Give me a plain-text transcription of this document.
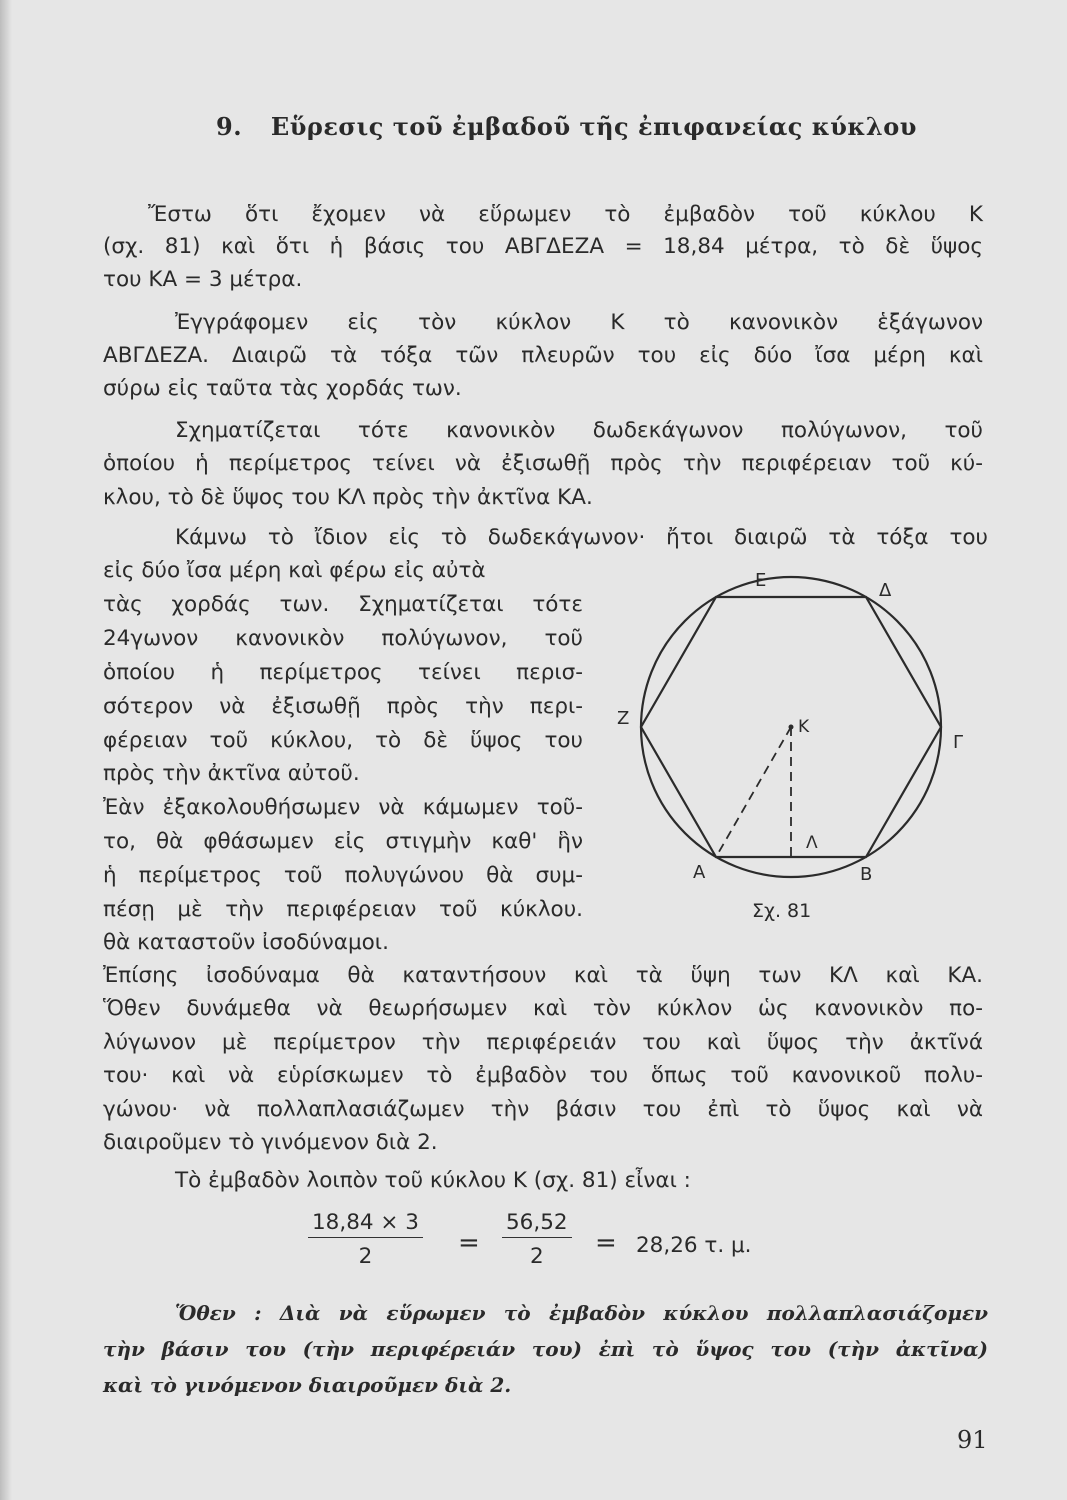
9. Εὕρεσις τοῦ ἐμβαδοῦ τῆς ἐπιφανείας κύκλου
Ἔστω ὅτι ἔχομεν νὰ εὕρωμεν τὸ ἐμβαδὸν τοῦ κύκλου Κ
(σχ. 81) καὶ ὅτι ἡ βάσις του ΑΒΓΔΕΖΑ = 18,84 μέτρα, τὸ δὲ ὕψος
του ΚΑ = 3 μέτρα.
Ἐγγράφομεν εἰς τὸν κύκλον Κ τὸ κανονικὸν ἑξάγωνον
ΑΒΓΔΕΖΑ. Διαιρῶ τὰ τόξα τῶν πλευρῶν του εἰς δύο ἴσα μέρη καὶ
σύρω εἰς ταῦτα τὰς χορδάς των.
Σχηματίζεται τότε κανονικὸν δωδεκάγωνον πολύγωνον, τοῦ
ὁποίου ἡ περίμετρος τείνει νὰ ἐξισωθῇ πρὸς τὴν περιφέρειαν τοῦ κύ-
κλου, τὸ δὲ ὕψος του ΚΛ πρὸς τὴν ἀκτῖνα ΚΑ.
Κάμνω τὸ ἴδιον εἰς τὸ δωδεκάγωνον· ἤτοι διαιρῶ τὰ τόξα του
εἰς δύο ἴσα μέρη καὶ φέρω εἰς αὐτὰ
τὰς χορδάς των. Σχηματίζεται τότε
24γωνον κανονικὸν πολύγωνον, τοῦ
ὁποίου ἡ περίμετρος τείνει περισ-
σότερον νὰ ἐξισωθῇ πρὸς τὴν περι-
φέρειαν τοῦ κύκλου, τὸ δὲ ὕψος του
πρὸς τὴν ἀκτῖνα αὐτοῦ.
Ἐὰν ἐξακολουθήσωμεν νὰ κάμωμεν τοῦ-
το, θὰ φθάσωμεν εἰς στιγμὴν καθ' ἣν
ἡ περίμετρος τοῦ πολυγώνου θὰ συμ-
πέσῃ μὲ τὴν περιφέρειαν τοῦ κύκλου.
θὰ καταστοῦν ἰσοδύναμοι.
Ἐπίσης ἰσοδύναμα θὰ καταντήσουν καὶ τὰ ὕψη των ΚΛ καὶ ΚΑ.
Ὅθεν δυνάμεθα νὰ θεωρήσωμεν καὶ τὸν κύκλον ὡς κανονικὸν πο-
λύγωνον μὲ περίμετρον τὴν περιφέρειάν του καὶ ὕψος τὴν ἀκτῖνά
του· καὶ νὰ εὑρίσκωμεν τὸ ἐμβαδὸν του ὅπως τοῦ κανονικοῦ πολυ-
γώνου· νὰ πολλαπλασιάζωμεν τὴν βάσιν του ἐπὶ τὸ ὕψος καὶ νὰ
διαιροῦμεν τὸ γινόμενον διὰ 2.
Τὸ ἐμβαδὸν λοιπὸν τοῦ κύκλου Κ (σχ. 81) εἶναι :
$\frac{18,84 \times 3}{2} = \frac{56,52}{2} = 28,26$ τ. μ.
Ὅθεν : Διὰ νὰ εὕρωμεν τὸ ἐμβαδὸν κύκλου πολλαπλασιάζομεν
τὴν βάσιν του (τὴν περιφέρειάν του) ἐπὶ τὸ ὕψος του (τὴν ἀκτῖνα)
καὶ τὸ γινόμενον διαιροῦμεν διὰ 2.
Ε	Δ
Γ
Β
Α
Ζ	Κ
Λ
Σχ. 81
91
